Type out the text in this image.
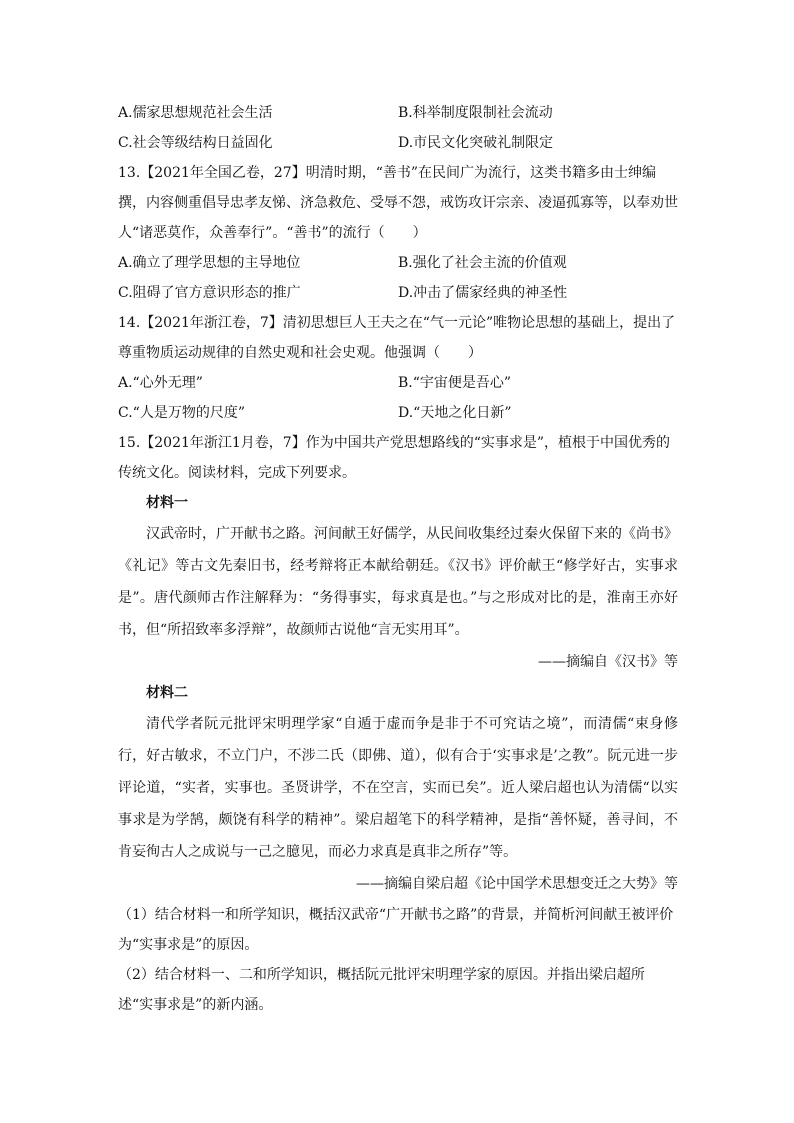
A.儒家思想规范社会生活	B.科举制度限制社会流动
C.社会等级结构日益固化	D.市民文化突破礼制限定
13.【2021年全国乙卷，27】明清时期，“善书”在民间广为流行，这类书籍多由士绅编撰，内容侧重倡导忠孝友悌、济急救危、受辱不怨，戒饬攻讦宗亲、凌逼孤寡等，以奉劝世人“诸恶莫作，众善奉行”。“善书”的流行（　　）
A.确立了理学思想的主导地位	B.强化了社会主流的价值观
C.阻碍了官方意识形态的推广	D.冲击了儒家经典的神圣性
14.【2021年浙江卷，7】清初思想巨人王夫之在“气一元论”唯物论思想的基础上，提出了尊重物质运动规律的自然史观和社会史观。他强调（　　）
A.“心外无理”	B.“宇宙便是吾心”
C.“人是万物的尺度”	D.“天地之化日新”
15.【2021年浙江1月卷，7】作为中国共产党思想路线的“实事求是”，植根于中国优秀的传统文化。阅读材料，完成下列要求。
材料一
汉武帝时，广开献书之路。河间献王好儒学，从民间收集经过秦火保留下来的《尚书》《礼记》等古文先秦旧书，经考辩将正本献给朝廷。《汉书》评价献王“修学好古，实事求是”。唐代颜师古作注解释为：“务得事实，每求真是也。”与之形成对比的是，淮南王亦好书，但“所招致率多浮辩”，故颜师古说他“言无实用耳”。
——摘编自《汉书》等
材料二
清代学者阮元批评宋明理学家“自遁于虚而争是非于不可究诘之境”，而清儒“束身修行，好古敏求，不立门户，不涉二氏（即佛、道），似有合于‘实事求是’之教”。阮元进一步评论道，“实者，实事也。圣贤讲学，不在空言，实而已矣”。近人梁启超也认为清儒“以实事求是为学鹄，颇饶有科学的精神”。梁启超笔下的科学精神，是指“善怀疑，善寻间，不肯妄徇古人之成说与一己之臆见，而必力求真是真非之所存”等。
——摘编自梁启超《论中国学术思想变迁之大势》等
（1）结合材料一和所学知识，概括汉武帝“广开献书之路”的背景，并简析河间献王被评价为“实事求是”的原因。
（2）结合材料一、二和所学知识，概括阮元批评宋明理学家的原因。并指出梁启超所述“实事求是”的新内涵。
